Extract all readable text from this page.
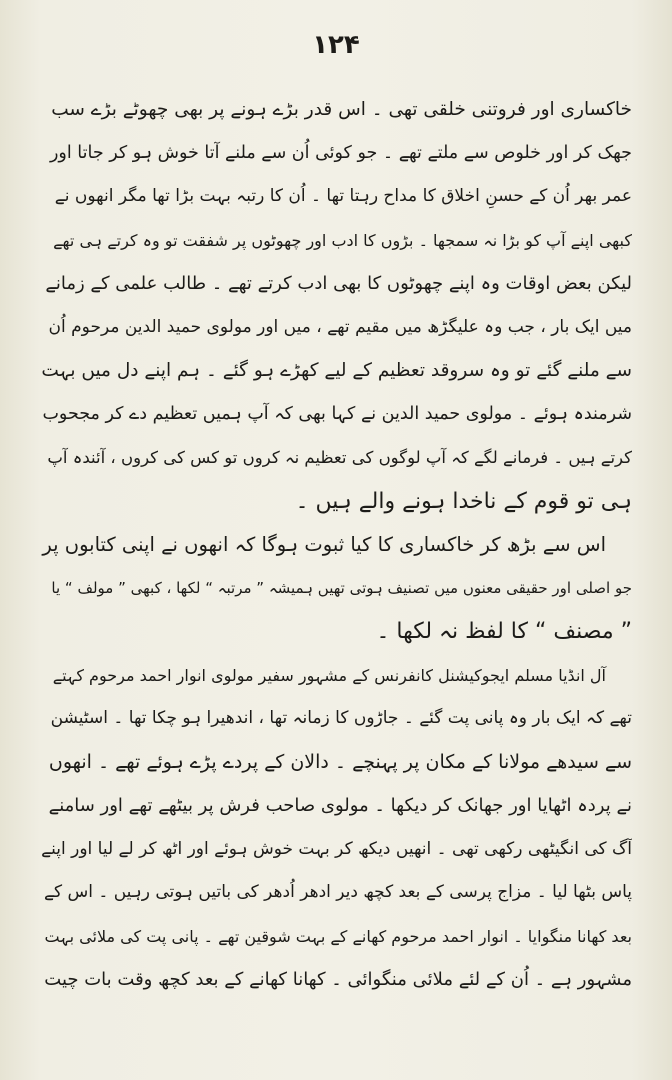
۱۲۴
خاکساری اور فروتنی خلقی تھی ۔ اس قدر بڑے ہونے پر بھی چھوٹے بڑے سب
جھک کر اور خلوص سے ملتے تھے ۔ جو کوئی اُن سے ملنے آتا خوش ہو کر جاتا اور
عمر بھر اُن کے حسنِ اخلاق کا مداح رہتا تھا ۔ اُن کا رتبہ بہت بڑا تھا مگر انھوں نے
کبھی اپنے آپ کو بڑا نہ سمجھا ۔ بڑوں کا ادب اور چھوٹوں پر شفقت تو وہ کرتے ہی تھے
لیکن بعض اوقات وہ اپنے چھوٹوں کا بھی ادب کرتے تھے ۔ طالب علمی کے زمانے
میں ایک بار ، جب وہ علیگڑھ میں مقیم تھے ، میں اور مولوی حمید الدین مرحوم اُن
سے ملنے گئے تو وہ سروقد تعظیم کے لیے کھڑے ہو گئے ۔ ہم اپنے دل میں بہت
شرمندہ ہوئے ۔ مولوی حمید الدین نے کہا بھی کہ آپ ہمیں تعظیم دے کر مجحوب
کرتے ہیں ۔ فرمانے لگے کہ آپ لوگوں کی تعظیم نہ کروں تو کس کی کروں ، آئندہ آپ
ہی تو قوم کے ناخدا ہونے والے ہیں ۔
اس سے بڑھ کر خاکساری کا کیا ثبوت ہوگا کہ انھوں نے اپنی کتابوں پر
جو اصلی اور حقیقی معنوں میں تصنیف ہوتی تھیں ہمیشہ ” مرتبہ “ لکھا ، کبھی ” مولف “ یا
” مصنف “ کا لفظ نہ لکھا ۔
آل انڈیا مسلم ایجوکیشنل کانفرنس کے مشہور سفیر مولوی انوار احمد مرحوم کہتے
تھے کہ ایک بار وہ پانی پت گئے ۔ جاڑوں کا زمانہ تھا ، اندھیرا ہو چکا تھا ۔ اسٹیشن
سے سیدھے مولانا کے مکان پر پہنچے ۔ دالان کے پردے پڑے ہوئے تھے ۔ انھوں
نے پردہ اٹھایا اور جھانک کر دیکھا ۔ مولوی صاحب فرش پر بیٹھے تھے اور سامنے
آگ کی انگیٹھی رکھی تھی ۔ انھیں دیکھ کر بہت خوش ہوئے اور اٹھ کر لے لیا اور اپنے
پاس بٹھا لیا ۔ مزاج پرسی کے بعد کچھ دیر ادھر اُدھر کی باتیں ہوتی رہیں ۔ اس کے
بعد کھانا منگوایا ۔ انوار احمد مرحوم کھانے کے بہت شوقین تھے ۔ پانی پت کی ملائی بہت
مشہور ہے ۔ اُن کے لئے ملائی منگوائی ۔ کھانا کھانے کے بعد کچھ وقت بات چیت
